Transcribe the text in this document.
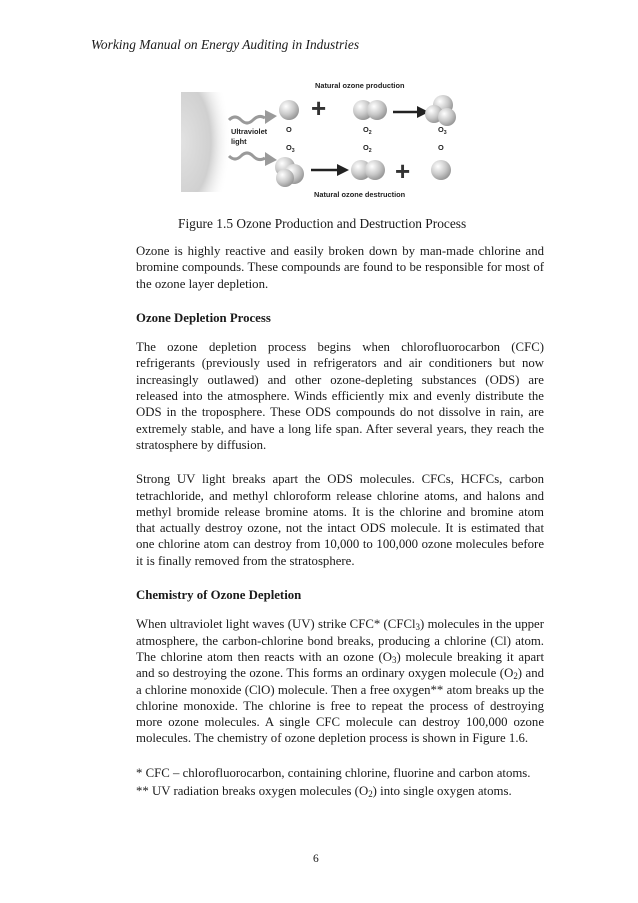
Working Manual on Energy Auditing in Industries
Natural ozone production
Ultraviolet
light
+
O	$O_2$	$O_3$
$O_3$	$O_2$	O
+
Natural ozone destruction
Figure 1.5 Ozone Production and Destruction Process

Ozone is highly reactive and easily broken down by man-made chlorine and bromine compounds. These compounds are found to be responsible for most of the ozone layer depletion.

Ozone Depletion Process

The ozone depletion process begins when chlorofluorocarbon (CFC) refrigerants (previously used in refrigerators and air conditioners but now increasingly outlawed) and other ozone-depleting substances (ODS) are released into the atmosphere. Winds efficiently mix and evenly distribute the ODS in the troposphere. These ODS compounds do not dissolve in rain, are extremely stable, and have a long life span. After several years, they reach the stratosphere by diffusion.

Strong UV light breaks apart the ODS molecules. CFCs, HCFCs, carbon tetrachloride, and methyl chloroform release chlorine atoms, and halons and methyl bromide release bromine atoms. It is the chlorine and bromine atom that actually destroy ozone, not the intact ODS molecule. It is estimated that one chlorine atom can destroy from 10,000 to 100,000 ozone molecules before it is finally removed from the stratosphere.

Chemistry of Ozone Depletion

When ultraviolet light waves (UV) strike CFC* (CFCl$_3$) molecules in the upper atmosphere, the carbon-chlorine bond breaks, producing a chlorine (Cl) atom. The chlorine atom then reacts with an ozone $(O_3)$ molecule breaking it apart and so destroying the ozone. This forms an ordinary oxygen molecule $(O_2)$ and a chlorine monoxide (ClO) molecule. Then a free oxygen** atom breaks up the chlorine monoxide. The chlorine is free to repeat the process of destroying more ozone molecules. A single CFC molecule can destroy 100,000 ozone molecules. The chemistry of ozone depletion process is shown in Figure 1.6.

* CFC – chlorofluorocarbon, containing chlorine, fluorine and carbon atoms.

** UV radiation breaks oxygen molecules $(O_2)$ into single oxygen atoms.

6
